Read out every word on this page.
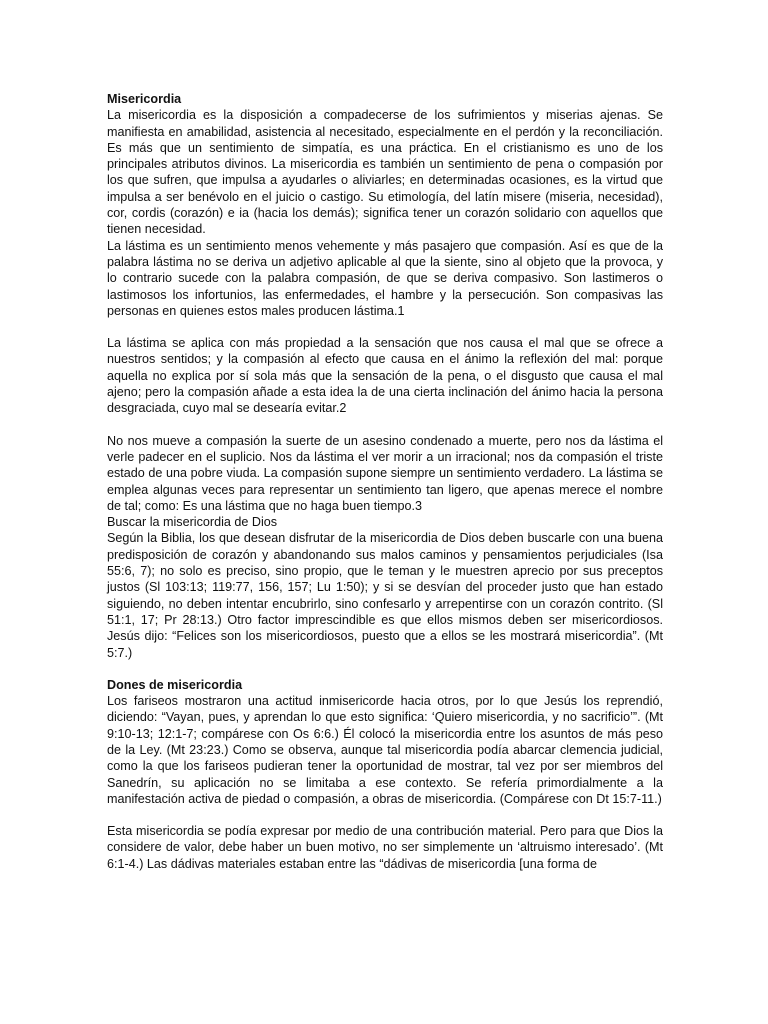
Misericordia

La misericordia es la disposición a compadecerse de los sufrimientos y miserias ajenas. Se manifiesta en amabilidad, asistencia al necesitado, especialmente en el perdón y la reconciliación. Es más que un sentimiento de simpatía, es una práctica. En el cristianismo es uno de los principales atributos divinos. La misericordia es también un sentimiento de pena o compasión por los que sufren, que impulsa a ayudarles o aliviarles; en determinadas ocasiones, es la virtud que impulsa a ser benévolo en el juicio o castigo. Su etimología, del latín misere (miseria, necesidad), cor, cordis (corazón) e ia (hacia los demás); significa tener un corazón solidario con aquellos que tienen necesidad.

La lástima es un sentimiento menos vehemente y más pasajero que compasión. Así es que de la palabra lástima no se deriva un adjetivo aplicable al que la siente, sino al objeto que la provoca, y lo contrario sucede con la palabra compasión, de que se deriva compasivo. Son lastimeros o lastimosos los infortunios, las enfermedades, el hambre y la persecución. Son compasivas las personas en quienes estos males producen lástima.1

La lástima se aplica con más propiedad a la sensación que nos causa el mal que se ofrece a nuestros sentidos; y la compasión al efecto que causa en el ánimo la reflexión del mal: porque aquella no explica por sí sola más que la sensación de la pena, o el disgusto que causa el mal ajeno; pero la compasión añade a esta idea la de una cierta inclinación del ánimo hacia la persona desgraciada, cuyo mal se desearía evitar.2

No nos mueve a compasión la suerte de un asesino condenado a muerte, pero nos da lástima el verle padecer en el suplicio. Nos da lástima el ver morir a un irracional; nos da compasión el triste estado de una pobre viuda. La compasión supone siempre un sentimiento verdadero. La lástima se emplea algunas veces para representar un sentimiento tan ligero, que apenas merece el nombre de tal; como: Es una lástima que no haga buen tiempo.3

Buscar la misericordia de Dios

Según la Biblia, los que desean disfrutar de la misericordia de Dios deben buscarle con una buena predisposición de corazón y abandonando sus malos caminos y pensamientos perjudiciales (Isa 55:6, 7); no solo es preciso, sino propio, que le teman y le muestren aprecio por sus preceptos justos (Sl 103:13; 119:77, 156, 157; Lu 1:50); y si se desvían del proceder justo que han estado siguiendo, no deben intentar encubrirlo, sino confesarlo y arrepentirse con un corazón contrito. (Sl 51:1, 17; Pr 28:13.) Otro factor imprescindible es que ellos mismos deben ser misericordiosos. Jesús dijo: “Felices son los misericordiosos, puesto que a ellos se les mostrará misericordia”. (Mt 5:7.)

Dones de misericordia

Los fariseos mostraron una actitud inmisericorde hacia otros, por lo que Jesús los reprendió, diciendo: “Vayan, pues, y aprendan lo que esto significa: ‘Quiero misericordia, y no sacrificio’”. (Mt 9:10-13; 12:1-7; compárese con Os 6:6.) Él colocó la misericordia entre los asuntos de más peso de la Ley. (Mt 23:23.) Como se observa, aunque tal misericordia podía abarcar clemencia judicial, como la que los fariseos pudieran tener la oportunidad de mostrar, tal vez por ser miembros del Sanedrín, su aplicación no se limitaba a ese contexto. Se refería primordialmente a la manifestación activa de piedad o compasión, a obras de misericordia. (Compárese con Dt 15:7-11.)

Esta misericordia se podía expresar por medio de una contribución material. Pero para que Dios la considere de valor, debe haber un buen motivo, no ser simplemente un ‘altruismo interesado’. (Mt 6:1-4.) Las dádivas materiales estaban entre las “dádivas de misericordia [una forma de
